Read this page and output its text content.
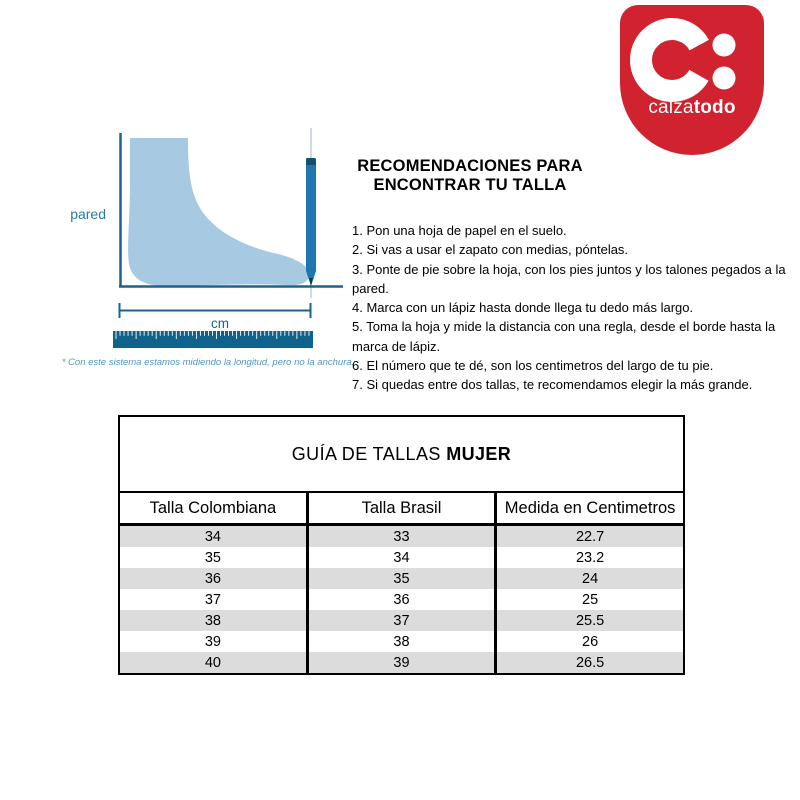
calzatodo
pared
cm
* Con este sistema estamos midiendo la longitud, pero no la anchura.
RECOMENDACIONES PARA
ENCONTRAR TU TALLA

1. Pon una hoja de papel en el suelo.

2. Si vas a usar el zapato con medias, póntelas.

3. Ponte de pie sobre la hoja, con los pies juntos y los talones pegados a la pared.

4. Marca con un lápiz hasta donde llega tu dedo más largo.

5. Toma la hoja y mide la distancia con una regla, desde el borde hasta la marca de lápiz.

6. El número que te dé, son los centimetros del largo de tu pie.

7. Si quedas entre dos tallas, te recomendamos elegir la más grande.

GUÍA DE TALLAS MUJER		
Talla Colombiana	Talla Brasil	Medida en Centimetros
34	33	22.7
35	34	23.2
36	35	24
37	36	25
38	37	25.5
39	38	26
40	39	26.5
